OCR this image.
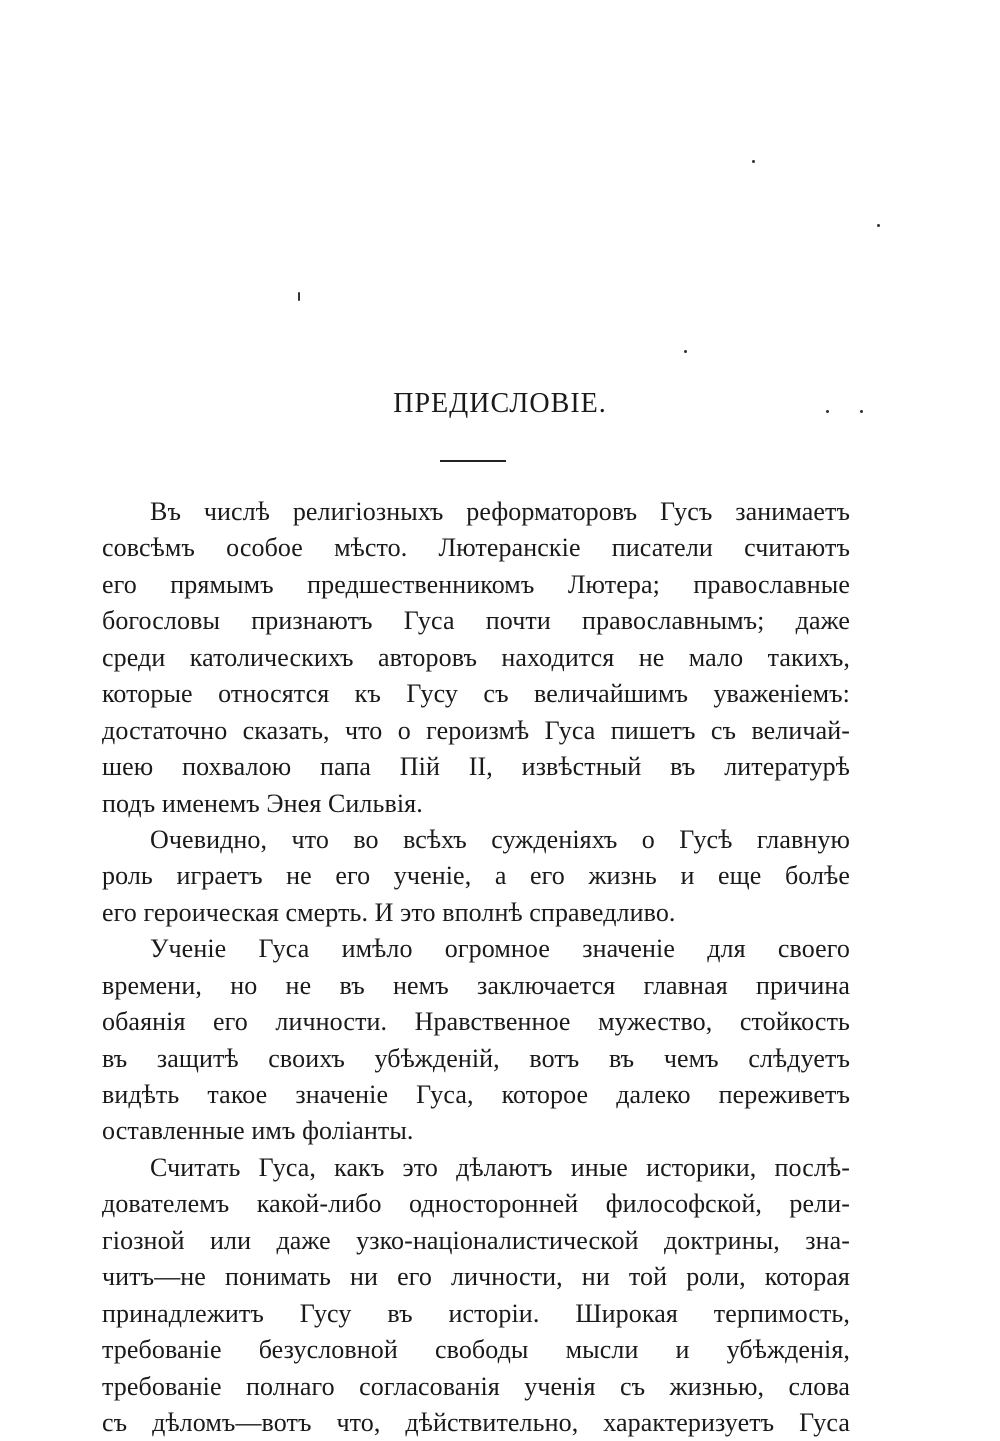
ПРЕДИСЛОВІЕ.
Въ числѣ религіозныхъ реформаторовъ Гусъ занимаетъ
совсѣмъ особое мѣсто. Лютеранскіе писатели считаютъ
его прямымъ предшественникомъ Лютера; православные
богословы признаютъ Гуса почти православнымъ; даже
среди католическихъ авторовъ находится не мало такихъ,
которые относятся къ Гусу съ величайшимъ уваженіемъ:
достаточно сказать, что о героизмѣ Гуса пишетъ съ величай-
шею похвалою папа Пій II, извѣстный въ литературѣ
подъ именемъ Энея Сильвія.
Очевидно, что во всѣхъ сужденіяхъ о Гусѣ главную
роль играетъ не его ученіе, а его жизнь и еще болѣе
его героическая смерть. И это вполнѣ справедливо.
Ученіе Гуса имѣло огромное значеніе для своего
времени, но не въ немъ заключается главная причина
обаянія его личности. Нравственное мужество, стойкость
въ защитѣ своихъ убѣжденій, вотъ въ чемъ слѣдуетъ
видѣть такое значеніе Гуса, которое далеко переживетъ
оставленные имъ фоліанты.
Считать Гуса, какъ это дѣлаютъ иные историки, послѣ-
дователемъ какой-либо односторонней философской, рели-
гіозной или даже узко-націоналистической доктрины, зна-
читъ—не понимать ни его личности, ни той роли, которая
принадлежитъ Гусу въ исторіи. Широкая терпимость,
требованіе безусловной свободы мысли и убѣжденія,
требованіе полнаго согласованія ученія съ жизнью, слова
съ дѣломъ—вотъ что, дѣйствительно, характеризуетъ Гуса
